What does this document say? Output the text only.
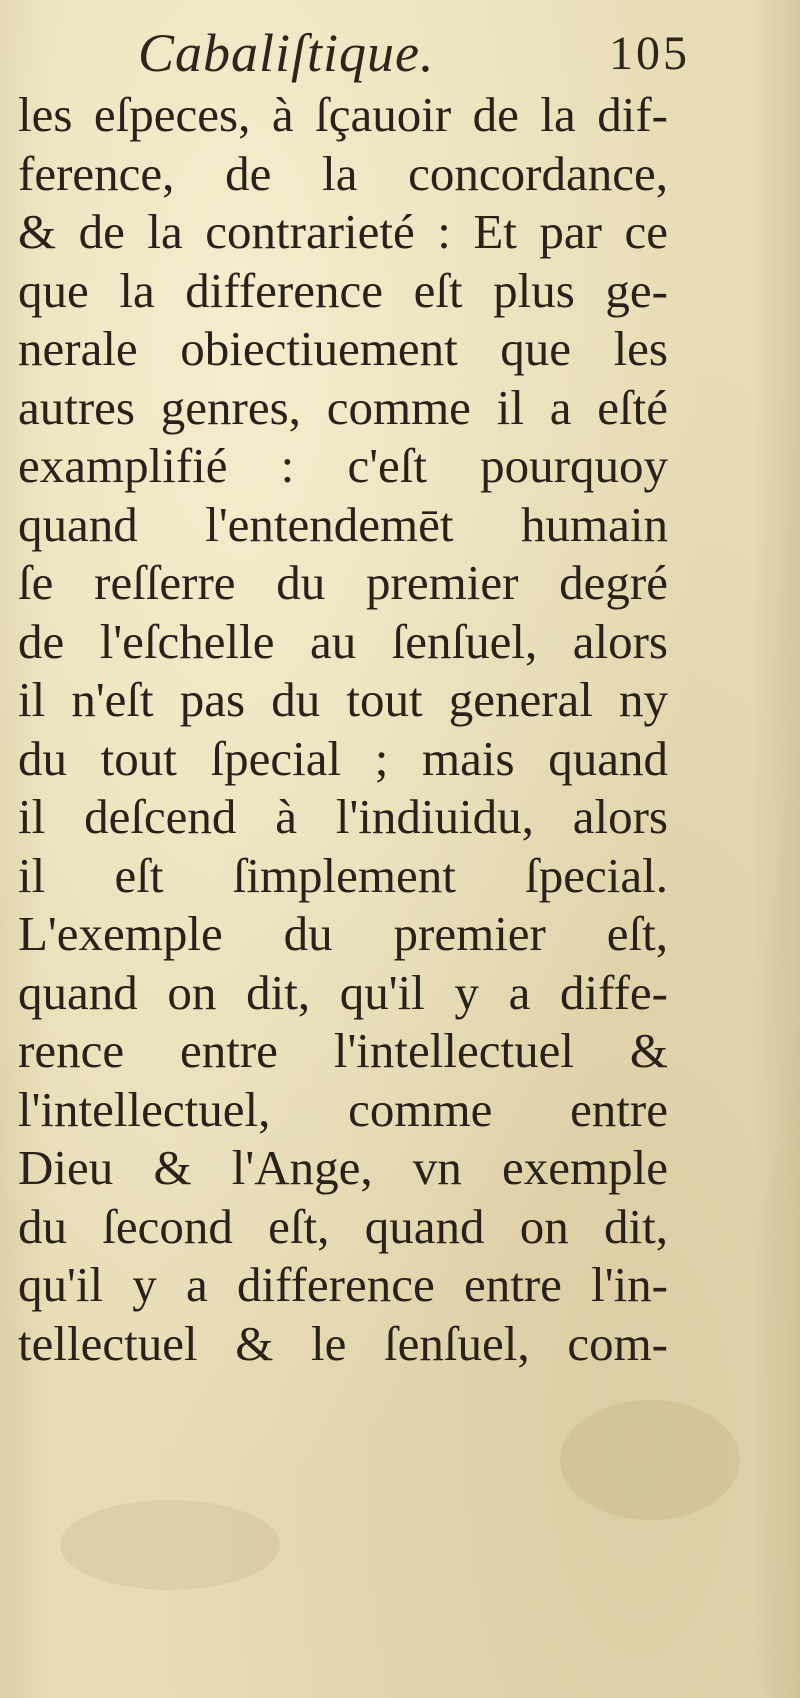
Cabaliſtique.	105
les eſpeces, à ſçauoir de la dif-
ference, de la concordance,
& de la contrarieté : Et par ce
que la difference eſt plus ge-
nerale obiectiuement que les
autres genres, comme il a eſté
examplifié : c'eſt pourquoy
quand l'entendemēt humain
ſe reſſerre du premier degré
de l'eſchelle au ſenſuel, alors
il n'eſt pas du tout general ny
du tout ſpecial ; mais quand
il deſcend à l'indiuidu, alors
il eſt ſimplement ſpecial.
L'exemple du premier eſt,
quand on dit, qu'il y a diffe-
rence entre l'intellectuel &
l'intellectuel, comme entre
Dieu & l'Ange, vn exemple
du ſecond eſt, quand on dit,
qu'il y a difference entre l'in-
tellectuel & le ſenſuel, com-
